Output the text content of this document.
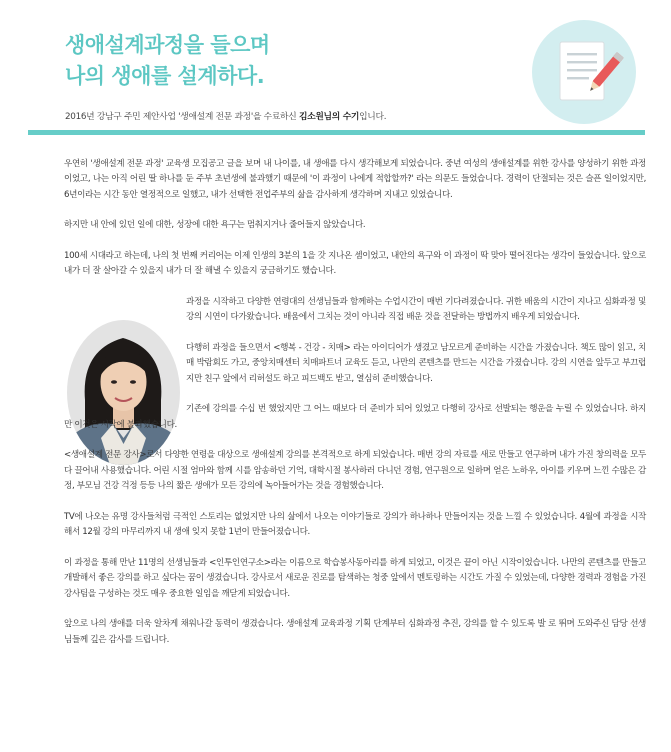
생애설계과정을 들으며
나의 생애를 설계하다.
2016년 강남구 주민 제안사업 '생애설계 전문 과정'을 수료하신 김소원님의 수기입니다.

우연히 '생애설계 전문 과정' 교육생 모집공고 글을 보며 내 나이를, 내 생애를 다시 생각해보게 되었습니다. 중년 여성의 생애설계를 위한 강사를 양성하기 위한 과정이었고, 나는 아직 어린 딸 하나를 둔 주부 초년생에 불과했기 때문에 '이 과정이 나에게 적합할까?' 라는 의문도 들었습니다. 경력이 단절되는 것은 슬픈 일이었지만, 6년이라는 시간 동안 열정적으로 일했고, 내가 선택한 전업주부의 삶을 감사하게 생각하며 지내고 있었습니다.

하지만 내 안에 있던 일에 대한, 성장에 대한 욕구는 멈춰지거나 줄어들지 않았습니다.

100세 시대라고 하는데, 나의 첫 번째 커리어는 이제 인생의 3분의 1을 갓 지나온 셈이었고, 내안의 욕구와 이 과정이 딱 맞아 떨어진다는 생각이 들었습니다. 앞으로 내가 더 잘 살아갈 수 있을지 내가 더 잘 해낼 수 있을지 궁금하기도 했습니다.

과정을 시작하고 다양한 연령대의 선생님들과 함께하는 수업시간이 매번 기다려졌습니다. 귀한 배움의 시간이 지나고 심화과정 및 강의 시연이 다가왔습니다. 배움에서 그치는 것이 아니라 직접 배운 것을 전달하는 방법까지 배우게 되었습니다.

다행히 과정을 들으면서 <행복 - 건강 - 치매> 라는 아이디어가 생겼고 남모르게 준비하는 시간을 가졌습니다. 책도 많이 읽고, 치매 박람회도 가고, 중앙치매센터 치매파트너 교육도 듣고, 나만의 콘텐츠를 만드는 시간을 가졌습니다. 강의 시연을 앞두고 부끄럽지만 친구 앞에서 리허설도 하고 피드백도 받고, 열심히 준비했습니다.

기존에 강의를 수십 번 했었지만 그 어느 때보다 더 준비가 되어 있었고 다행히 강사로 선발되는 행운을 누릴 수 있었습니다. 하지만 이것은 시작에 불과했습니다.

<생애설계 전문 강사>로서 다양한 연령을 대상으로 생애설계 강의를 본격적으로 하게 되었습니다. 매번 강의 자료를 새로 만들고 연구하며 내가 가진 창의력을 모두 다 끌어내 사용했습니다. 어린 시절 엄마와 함께 시를 암송하던 기억, 대학시절 봉사하러 다니던 경험, 연구원으로 일하며 얻은 노하우, 아이를 키우며 느낀 수많은 감정, 부모님 건강 걱정 등등 나의 짧은 생애가 모든 강의에 녹아들어가는 것을 경험했습니다.

TV에 나오는 유명 강사들처럼 극적인 스토리는 없었지만 나의 삶에서 나오는 이야기들로 강의가 하나하나 만들어지는 것을 느낄 수 있었습니다. 4월에 과정을 시작해서 12월 강의 마무리까지 내 생애 잊지 못할 1년이 만들어졌습니다.

이 과정을 통해 만난 11명의 선생님들과 <인투인연구소>라는 이름으로 학습봉사동아리를 하게 되었고, 이것은 끝이 아닌 시작이었습니다. 나만의 콘텐츠를 만들고 개발해서 좋은 강의를 하고 싶다는 꿈이 생겼습니다. 강사로서 새로운 진로를 탐색하는 청중 앞에서 멘토링하는 시간도 가질 수 있었는데, 다양한 경력과 경험을 가진 강사팀을 구성하는 것도 매우 중요한 일임을 깨닫게 되었습니다.

앞으로 나의 생애를 더욱 알차게 채워나갈 동력이 생겼습니다. 생애설계 교육과정 기획 단계부터 심화과정 추진, 강의를 할 수 있도록 발 로 뛰며 도와주신 담당 선생님들께 깊은 감사를 드립니다.
